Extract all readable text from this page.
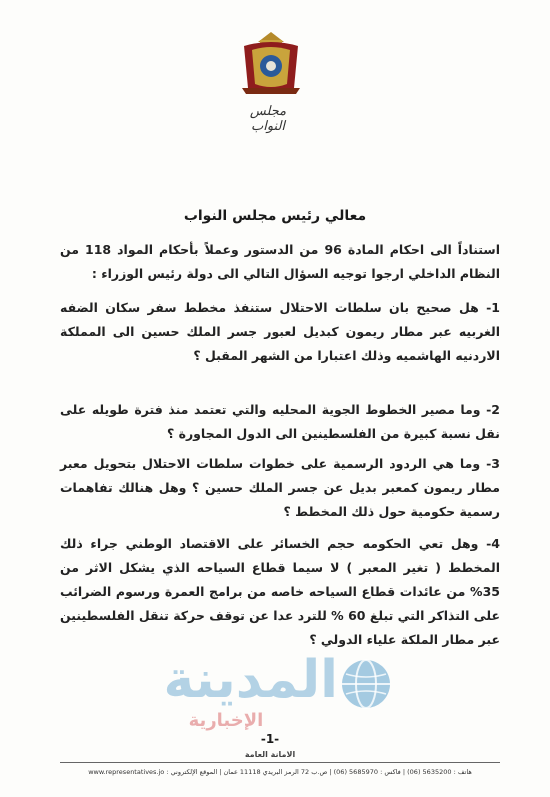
مجلس النواب
معالي رئيس مجلس النواب
استناداً الى احكام المادة 96 من الدستور وعملاً بأحكام المواد 118 من النظام الداخلي ارجوا توجيه السؤال التالي الى دولة رئيس الوزراء :
1- هل صحيح بان سلطات الاحتلال ستنفذ مخطط سفر سكان الضفه الغربيه عبر مطار ريمون كبديل لعبور جسر الملك حسين الى المملكة الاردنيه الهاشميه وذلك اعتبارا من الشهر المقبل ؟
2- وما مصير الخطوط الجوية المحليه والتي تعتمد منذ فترة طويله على نقل نسبة كبيرة من الفلسطينين الى الدول المجاورة ؟
3- وما هي الردود الرسمية على خطوات سلطات الاحتلال بتحويل معبر مطار ريمون كمعبر بديل عن جسر الملك حسين ؟ وهل هنالك تفاهمات رسمية حكومية حول ذلك المخطط ؟
4- وهل تعي الحكومه حجم الخسائر على الاقتصاد الوطني جراء ذلك المخطط ( تغير المعبر ) لا سيما قطاع السياحه الذي يشكل الاثر من 35% من عائدات قطاع السياحه خاصه من برامج العمرة ورسوم الضرائب على التذاكر التي تبلغ 60 % للترد عدا عن توقف حركة تنقل الفلسطينين عبر مطار الملكة علياء الدولي ؟
المدينة
الإخبارية
-1-
الامانة العامة
هاتف : 5635200 (06) | فاكس : 5685970 (06) | ص.ب 72 الرمز البريدي 11118 عمان | الموقع الإلكتروني : www.representatives.jo
